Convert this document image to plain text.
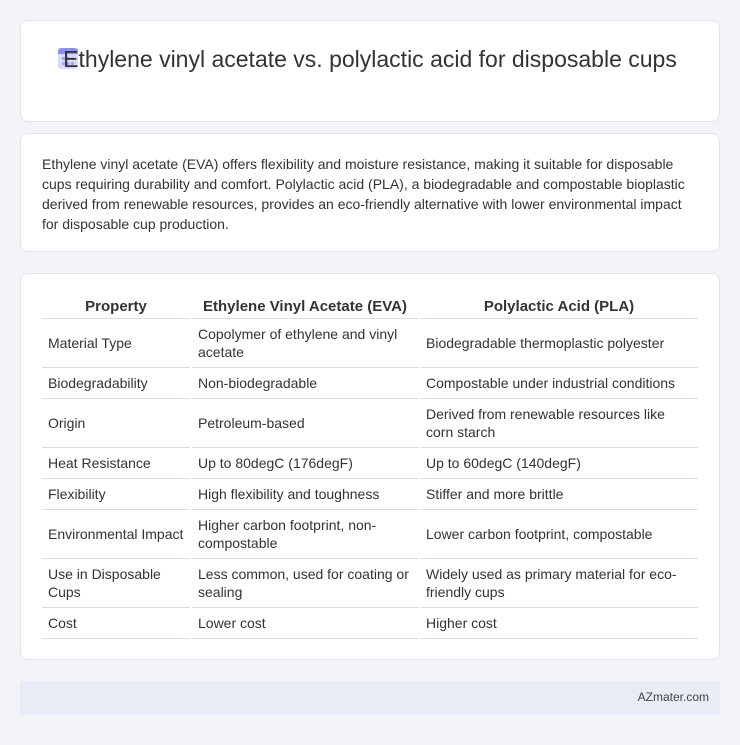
Ethylene vinyl acetate vs. polylactic acid for disposable cups

Ethylene vinyl acetate (EVA) offers flexibility and moisture resistance, making it suitable for disposable cups requiring durability and comfort. Polylactic acid (PLA), a biodegradable and compostable bioplastic derived from renewable resources, provides an eco-friendly alternative with lower environmental impact for disposable cup production.

Property	Ethylene Vinyl Acetate (EVA)	Polylactic Acid (PLA)
Material Type	Copolymer of ethylene and vinyl acetate	Biodegradable thermoplastic polyester
Biodegradability	Non-biodegradable	Compostable under industrial conditions
Origin	Petroleum-based	Derived from renewable resources like corn starch
Heat Resistance	Up to 80degC (176degF)	Up to 60degC (140degF)
Flexibility	High flexibility and toughness	Stiffer and more brittle
Environmental Impact	Higher carbon footprint, non-compostable	Lower carbon footprint, compostable
Use in Disposable Cups	Less common, used for coating or sealing	Widely used as primary material for eco-friendly cups
Cost	Lower cost	Higher cost
AZmater.com
